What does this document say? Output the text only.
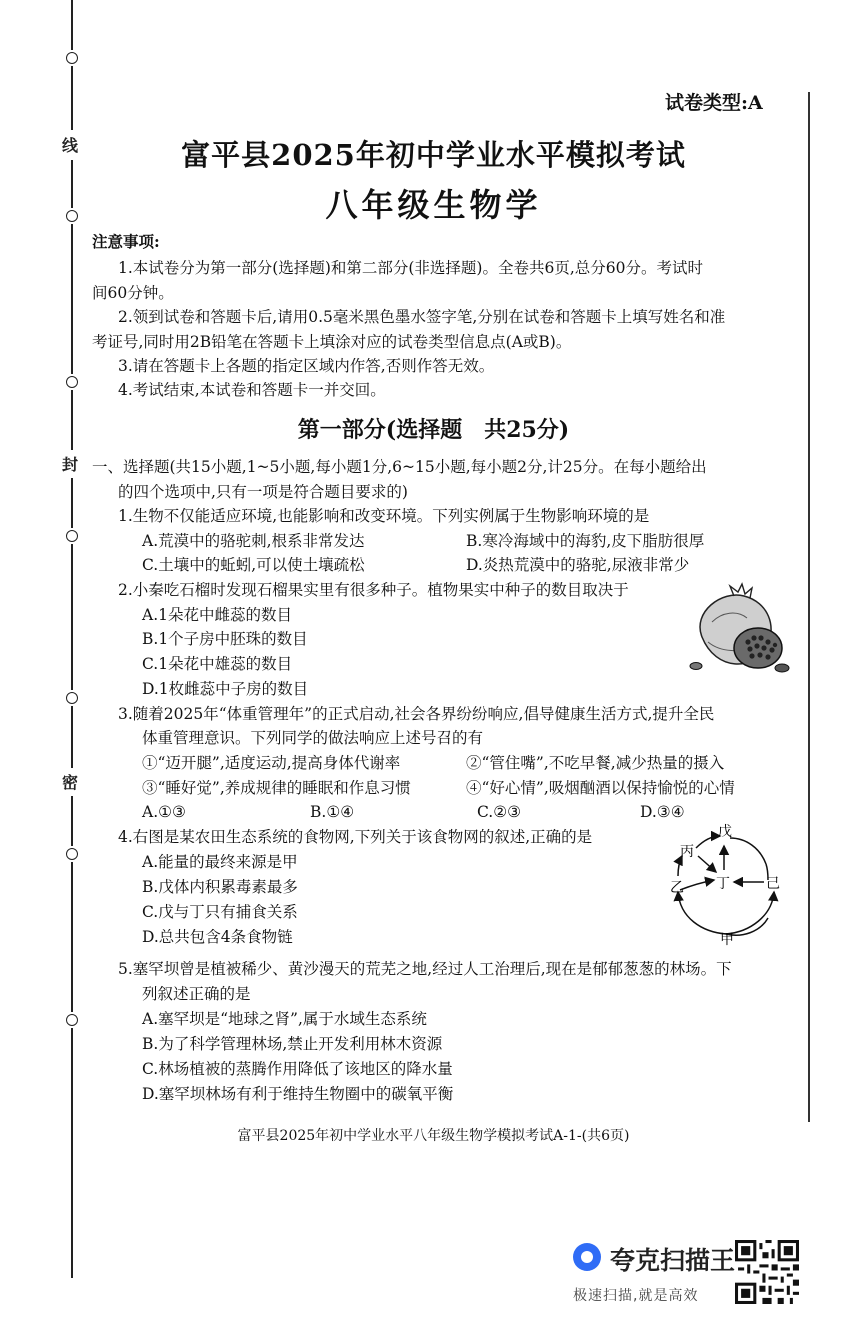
线
封
密
试卷类型:A
富平县2025年初中学业水平模拟考试
八年级生物学
注意事项:
1.本试卷分为第一部分(选择题)和第二部分(非选择题)。全卷共6页,总分60分。考试时
间60分钟。
2.领到试卷和答题卡后,请用0.5毫米黑色墨水签字笔,分别在试卷和答题卡上填写姓名和准
考证号,同时用2B铅笔在答题卡上填涂对应的试卷类型信息点(A或B)。
3.请在答题卡上各题的指定区域内作答,否则作答无效。
4.考试结束,本试卷和答题卡一并交回。
第一部分(选择题　共25分)
一、选择题(共15小题,1~5小题,每小题1分,6~15小题,每小题2分,计25分。在每小题给出
的四个选项中,只有一项是符合题目要求的)
1.生物不仅能适应环境,也能影响和改变环境。下列实例属于生物影响环境的是
A.荒漠中的骆驼刺,根系非常发达	B.寒冷海域中的海豹,皮下脂肪很厚
C.土壤中的蚯蚓,可以使土壤疏松	D.炎热荒漠中的骆驼,尿液非常少
2.小秦吃石榴时发现石榴果实里有很多种子。植物果实中种子的数目取决于
A.1朵花中雌蕊的数目
B.1个子房中胚珠的数目
C.1朵花中雄蕊的数目
D.1枚雌蕊中子房的数目
3.随着2025年“体重管理年”的正式启动,社会各界纷纷响应,倡导健康生活方式,提升全民
体重管理意识。下列同学的做法响应上述号召的有
①“迈开腿”,适度运动,提高身体代谢率	②“管住嘴”,不吃早餐,减少热量的摄入
③“睡好觉”,养成规律的睡眠和作息习惯	④“好心情”,吸烟酗酒以保持愉悦的心情
A.①③	B.①④	C.②③	D.③④
4.右图是某农田生态系统的食物网,下列关于该食物网的叙述,正确的是
A.能量的最终来源是甲
B.戊体内积累毒素最多
C.戊与丁只有捕食关系
D.总共包含4条食物链
戊
丙
丁
乙	己
甲
5.塞罕坝曾是植被稀少、黄沙漫天的荒芜之地,经过人工治理后,现在是郁郁葱葱的林场。下
列叙述正确的是
A.塞罕坝是“地球之肾”,属于水域生态系统
B.为了科学管理林场,禁止开发利用林木资源
C.林场植被的蒸腾作用降低了该地区的降水量
D.塞罕坝林场有利于维持生物圈中的碳氧平衡
富平县2025年初中学业水平八年级生物学模拟考试A-1-(共6页)
夸克扫描王
极速扫描,就是高效
